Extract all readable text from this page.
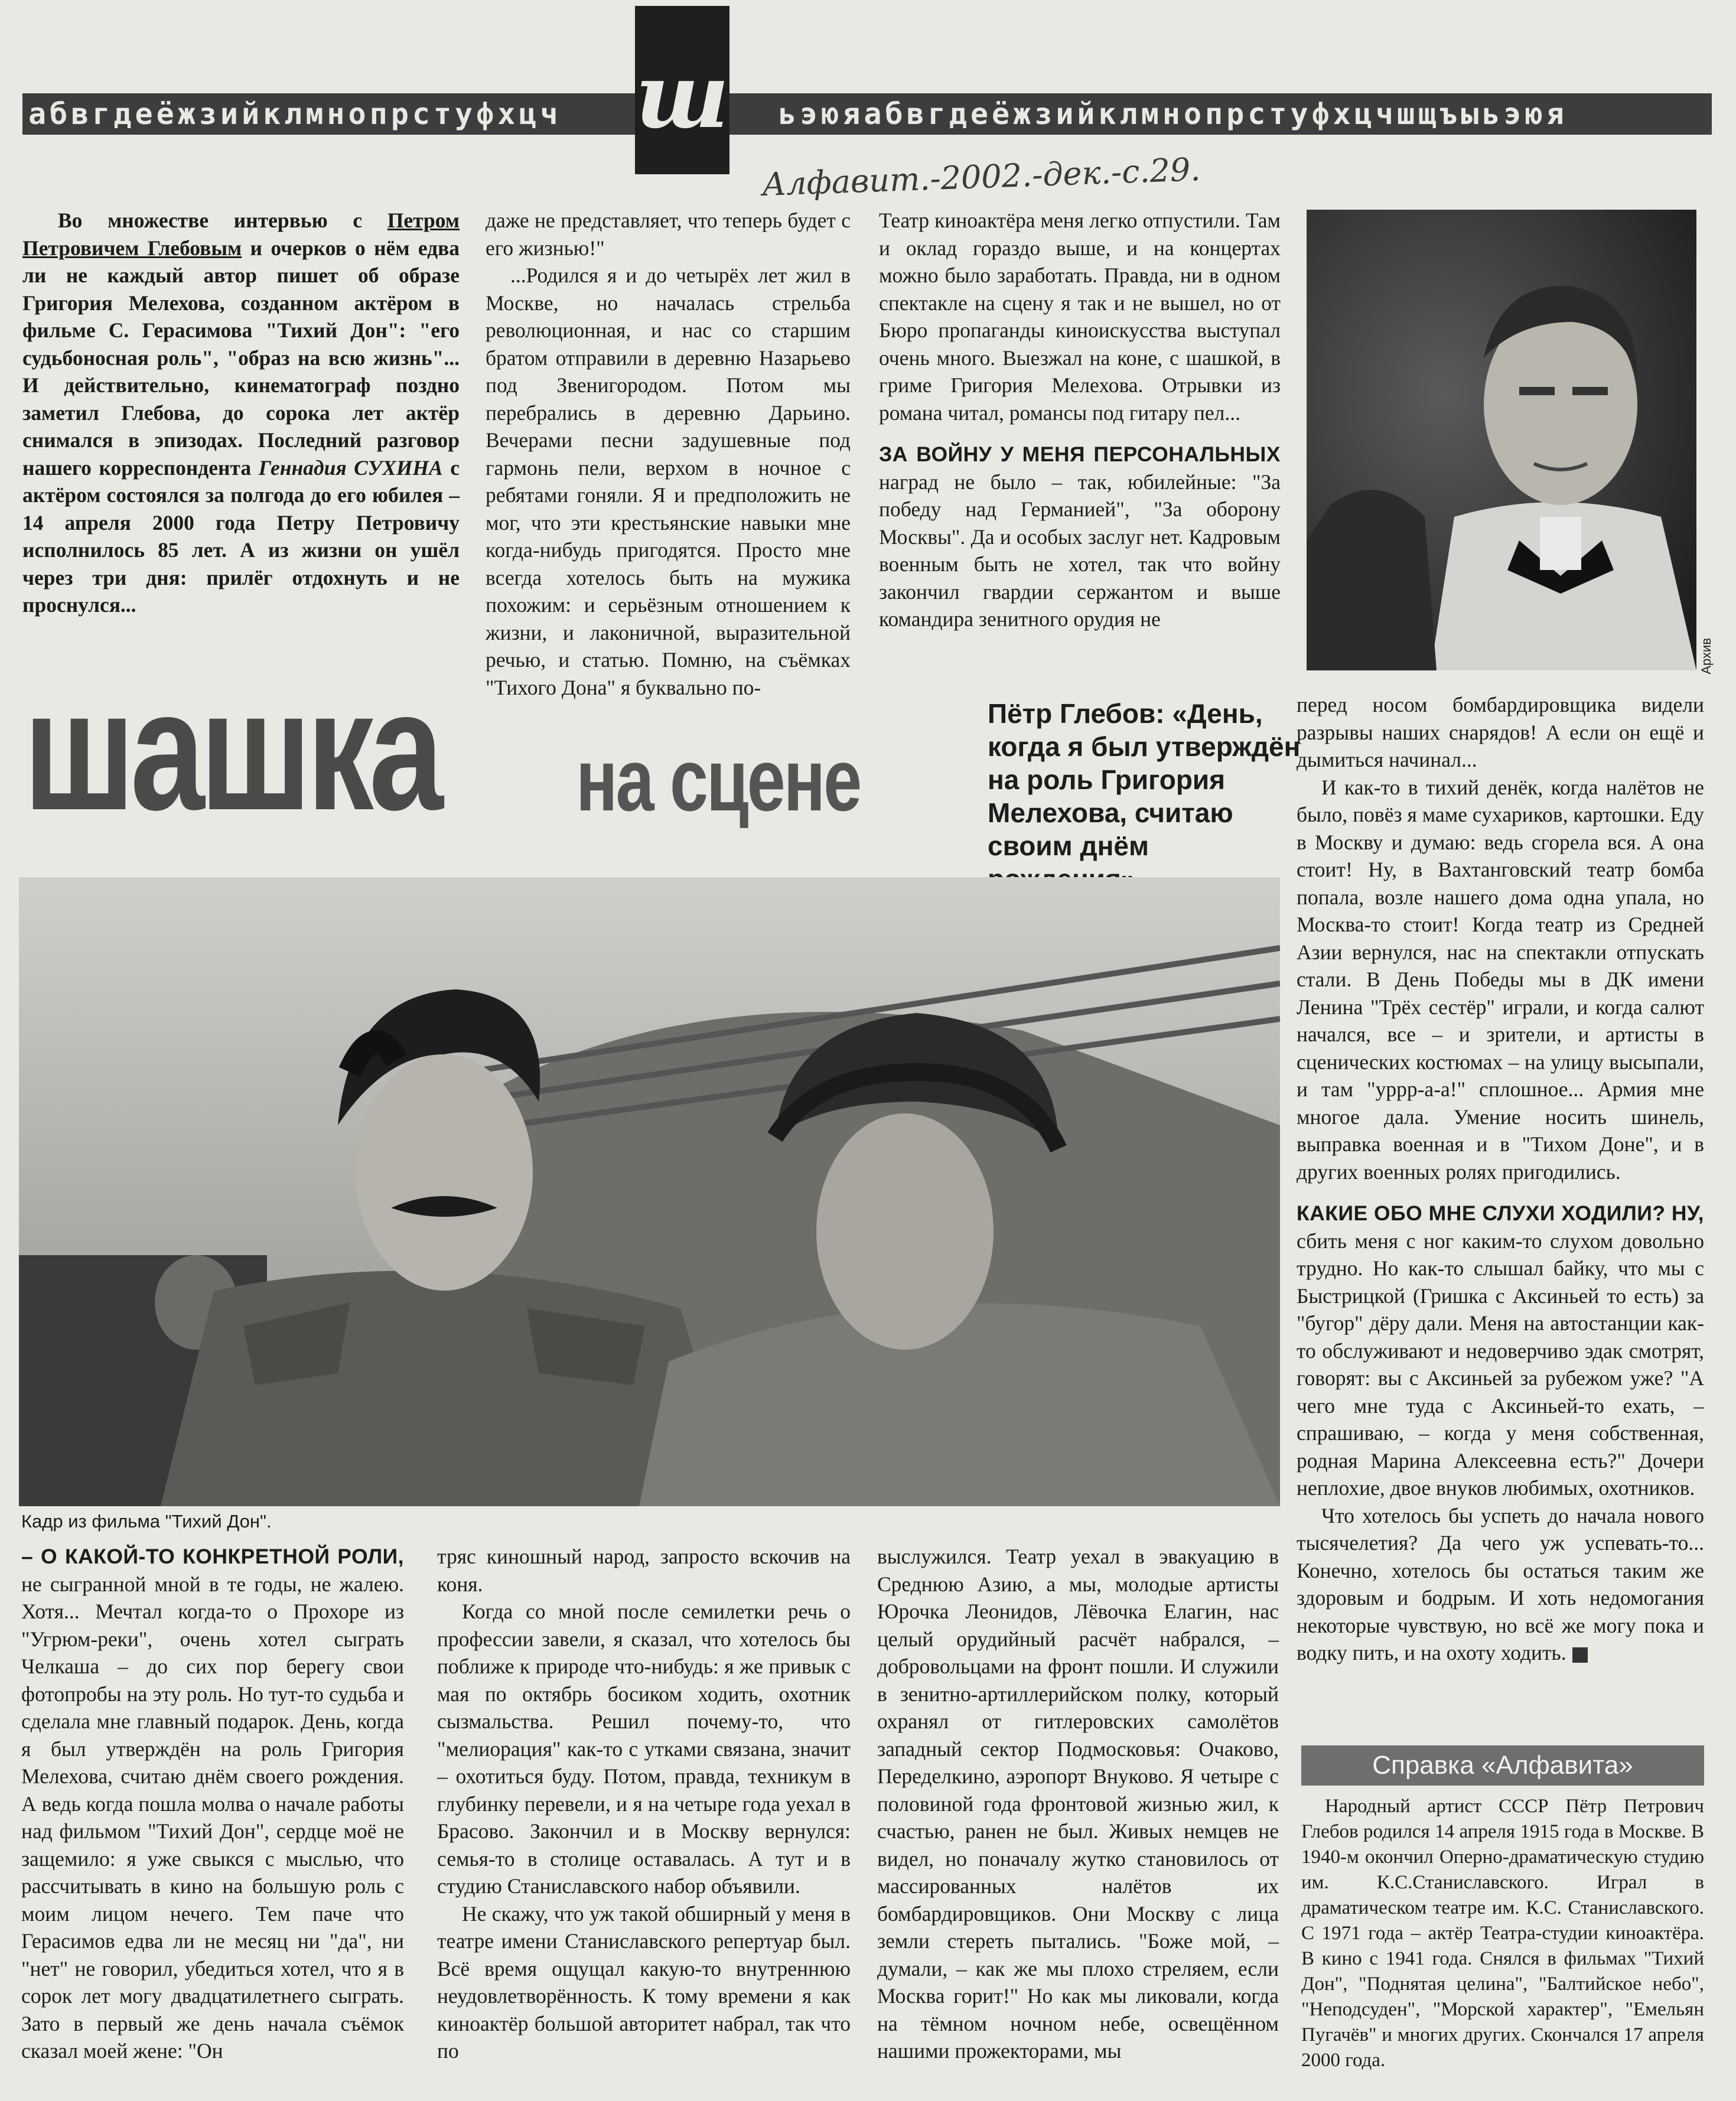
абвгдеёжзийклмнопрстуфхцч	ьэюяабвгдеёжзийклмнопрстуфхцчшщъыьэюя
ш
Алфавит.-2002.-дек.-с.29.

Во множестве интервью с Петром Петровичем Глебовым и очерков о нём едва ли не каждый автор пишет об образе Григория Мелехова, созданном актёром в фильме С. Герасимова "Тихий Дон": "его судьбоносная роль", "образ на всю жизнь"... И действительно, кинематограф поздно заметил Глебова, до сорока лет актёр снимался в эпизодах. Последний разговор нашего корреспондента Геннадия СУХИНА с актёром состоялся за полгода до его юбилея – 14 апреля 2000 года Петру Петровичу исполнилось 85 лет. А из жизни он ушёл через три дня: прилёг отдохнуть и не проснулся...

даже не представляет, что теперь будет с его жизнью!"

...Родился я и до четырёх лет жил в Москве, но началась стрельба революционная, и нас со старшим братом отправили в деревню Назарьево под Звенигородом. Потом мы перебрались в деревню Дарьино. Вечерами песни задушевные под гармонь пели, верхом в ночное с ребятами гоняли. Я и предположить не мог, что эти крестьянские навыки мне когда-нибудь пригодятся. Просто мне всегда хотелось быть на мужика похожим: и серьёзным отношением к жизни, и лаконичной, выразительной речью, и статью. Помню, на съёмках "Тихого Дона" я буквально по-

Театр киноактёра меня легко отпустили. Там и оклад гораздо выше, и на концертах можно было заработать. Правда, ни в одном спектакле на сцену я так и не вышел, но от Бюро пропаганды киноискусства выступал очень много. Выезжал на коне, с шашкой, в гриме Григория Мелехова. Отрывки из романа читал, романсы под гитару пел...

ЗА ВОЙНУ У МЕНЯ ПЕРСОНАЛЬНЫХ наград не было – так, юбилейные: "За победу над Германией", "За оборону Москвы". Да и особых заслуг нет. Кадровым военным быть не хотел, так что войну закончил гвардии сержантом и выше командира зенитного орудия не

Архив
шашка	на сцене
Пётр Глебов: «День, когда я был утверждён на роль Григория Мелехова, считаю своим днём
Кадр из фильма "Тихий Дон".

перед носом бомбардировщика видели разрывы наших снарядов! А если он ещё и дымиться начинал...

И как-то в тихий денёк, когда налётов не было, повёз я маме сухариков, картошки. Еду в Москву и думаю: ведь сгорела вся. А она стоит! Ну, в Вахтанговский театр бомба попала, возле нашего дома одна упала, но Москва-то стоит! Когда театр из Средней Азии вернулся, нас на спектакли отпускать стали. В День Победы мы в ДК имени Ленина "Трёх сестёр" играли, и когда салют начался, все – и зрители, и артисты в сценических костюмах – на улицу высыпали, и там "уррр-а-а!" сплошное... Армия мне многое дала. Умение носить шинель, выправка военная и в "Тихом Доне", и в других военных ролях пригодились.

КАКИЕ ОБО МНЕ СЛУХИ ХОДИЛИ? НУ, сбить меня с ног каким-то слухом довольно трудно. Но как-то слышал байку, что мы с Быстрицкой (Гришка с Аксиньей то есть) за "бугор" дёру дали. Меня на автостанции как-то обслуживают и недоверчиво эдак смотрят, говорят: вы с Аксиньей за рубежом уже? "А чего мне туда с Аксиньей-то ехать, – спрашиваю, – когда у меня собственная, родная Марина Алексеевна есть?" Дочери неплохие, двое внуков любимых, охотников.

Что хотелось бы успеть до начала нового тысячелетия? Да чего уж успевать-то... Конечно, хотелось бы остаться таким же здоровым и бодрым. И хоть недомогания некоторые чувствую, но всё же могу пока и водку пить, и на охоту ходить.

Справка «Алфавита»
Народный артист СССР Пётр Петрович Глебов родился 14 апреля 1915 года в Москве. В 1940-м окончил Оперно-драматическую студию им. К.С.Станиславского. Играл в драматическом театре им. К.С. Станиславского. С 1971 года – актёр Театра-студии киноактёра. В кино с 1941 года. Снялся в фильмах "Тихий Дон", "Поднятая целина", "Балтийское небо", "Неподсуден", "Морской характер", "Емельян Пугачёв" и многих других. Скончался 17 апреля 2000 года.

– О КАКОЙ-ТО КОНКРЕТНОЙ РОЛИ, не сыгранной мной в те годы, не жалею. Хотя... Мечтал когда-то о Прохоре из "Угрюм-реки", очень хотел сыграть Челкаша – до сих пор берегу свои фотопробы на эту роль. Но тут-то судьба и сделала мне главный подарок. День, когда я был утверждён на роль Григория Мелехова, считаю днём своего рождения. А ведь когда пошла молва о начале работы над фильмом "Тихий Дон", сердце моё не защемило: я уже свыкся с мыслью, что рассчитывать в кино на большую роль с моим лицом нечего. Тем паче что Герасимов едва ли не месяц ни "да", ни "нет" не говорил, убедиться хотел, что я в сорок лет могу двадцатилетнего сыграть. Зато в первый же день начала съёмок сказал моей жене: "Он

тряс киношный народ, запросто вскочив на коня.

Когда со мной после семилетки речь о профессии завели, я сказал, что хотелось бы поближе к природе что-нибудь: я же привык с мая по октябрь босиком ходить, охотник сызмальства. Решил почему-то, что "мелиорация" как-то с утками связана, значит – охотиться буду. Потом, правда, техникум в глубинку перевели, и я на четыре года уехал в Брасово. Закончил и в Москву вернулся: семья-то в столице оставалась. А тут и в студию Станиславского набор объявили.

Не скажу, что уж такой обширный у меня в театре имени Станиславского репертуар был. Всё время ощущал какую-то внутреннюю неудовлетворённость. К тому времени я как киноактёр большой авторитет набрал, так что по

выслужился. Театр уехал в эвакуацию в Среднюю Азию, а мы, молодые артисты Юрочка Леонидов, Лёвочка Елагин, нас целый орудийный расчёт набрался, – добровольцами на фронт пошли. И служили в зенитно-артиллерийском полку, который охранял от гитлеровских самолётов западный сектор Подмосковья: Очаково, Переделкино, аэропорт Внуково. Я четыре с половиной года фронтовой жизнью жил, к счастью, ранен не был. Живых немцев не видел, но поначалу жутко становилось от массированных налётов их бомбардировщиков. Они Москву с лица земли стереть пытались. "Боже мой, – думали, – как же мы плохо стреляем, если Москва горит!" Но как мы ликовали, когда на тёмном ночном небе, освещённом нашими прожекторами, мы
